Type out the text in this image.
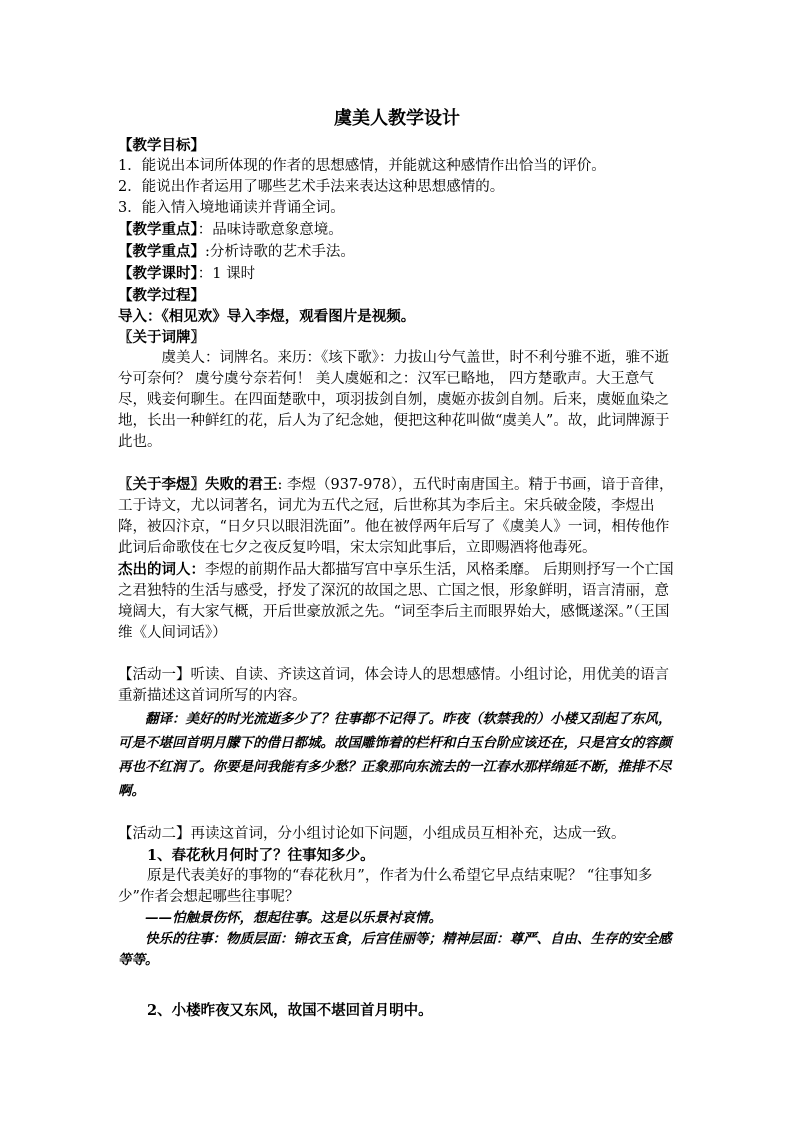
虞美人教学设计

【教学目标】

1．能说出本词所体现的作者的思想感情，并能就这种感情作出恰当的评价。

2．能说出作者运用了哪些艺术手法来表达这种思想感情的。

3．能入情入境地诵读并背诵全词。

【教学重点】：品味诗歌意象意境。

【教学重点】:分析诗歌的艺术手法。

【教学课时】：1 课时

【教学过程】

导入：《相见欢》导入李煜，观看图片是视频。

〖关于词牌〗

虞美人：词牌名。来历：《垓下歌》：力拔山兮气盖世，时不利兮骓不逝，骓不逝兮可奈何？ 虞兮虞兮奈若何！ 美人虞姬和之：汉军已略地， 四方楚歌声。大王意气尽，贱妾何聊生。在四面楚歌中，项羽拔剑自刎，虞姬亦拔剑自刎。后来，虞姬血染之地，长出一种鲜红的花，后人为了纪念她，便把这种花叫做“虞美人”。故，此词牌源于此也。

〖关于李煜〗失败的君王: 李煜（937-978），五代时南唐国主。精于书画，谙于音律，工于诗文，尤以词著名，词尤为五代之冠，后世称其为李后主。宋兵破金陵，李煜出降，被囚汴京，“日夕只以眼泪洗面”。他在被俘两年后写了《虞美人》一词，相传他作此词后命歌伎在七夕之夜反复吟唱，宋太宗知此事后，立即赐酒将他毒死。

杰出的词人：李煜的前期作品大都描写宫中享乐生活，风格柔靡。 后期则抒写一个亡国之君独特的生活与感受，抒发了深沉的故国之思、亡国之恨，形象鲜明，语言清丽，意境阔大，有大家气概，开后世豪放派之先。“词至李后主而眼界始大，感慨遂深。”（王国维《人间词话》）

【活动一】听读、自读、齐读这首词，体会诗人的思想感情。小组讨论，用优美的语言重新描述这首词所写的内容。

翻译：美好的时光流逝多少了？往事都不记得了。昨夜（软禁我的）小楼又刮起了东风，可是不堪回首明月朦下的借日都城。故国雕饰着的栏杆和白玉台阶应该还在，只是宫女的容颜再也不红润了。你要是问我能有多少愁？正象那向东流去的一江春水那样绵延不断，推排不尽啊。

【活动二】再读这首词，分小组讨论如下问题，小组成员互相补充，达成一致。

1、春花秋月何时了？往事知多少。

原是代表美好的事物的“春花秋月”，作者为什么希望它早点结束呢？ “往事知多少”作者会想起哪些往事呢？

——怕触景伤怀，想起往事。这是以乐景衬哀情。

快乐的往事：物质层面：锦衣玉食，后宫佳丽等；精神层面：尊严、自由、生存的安全感等等。

2、小楼昨夜又东风，故国不堪回首月明中。
